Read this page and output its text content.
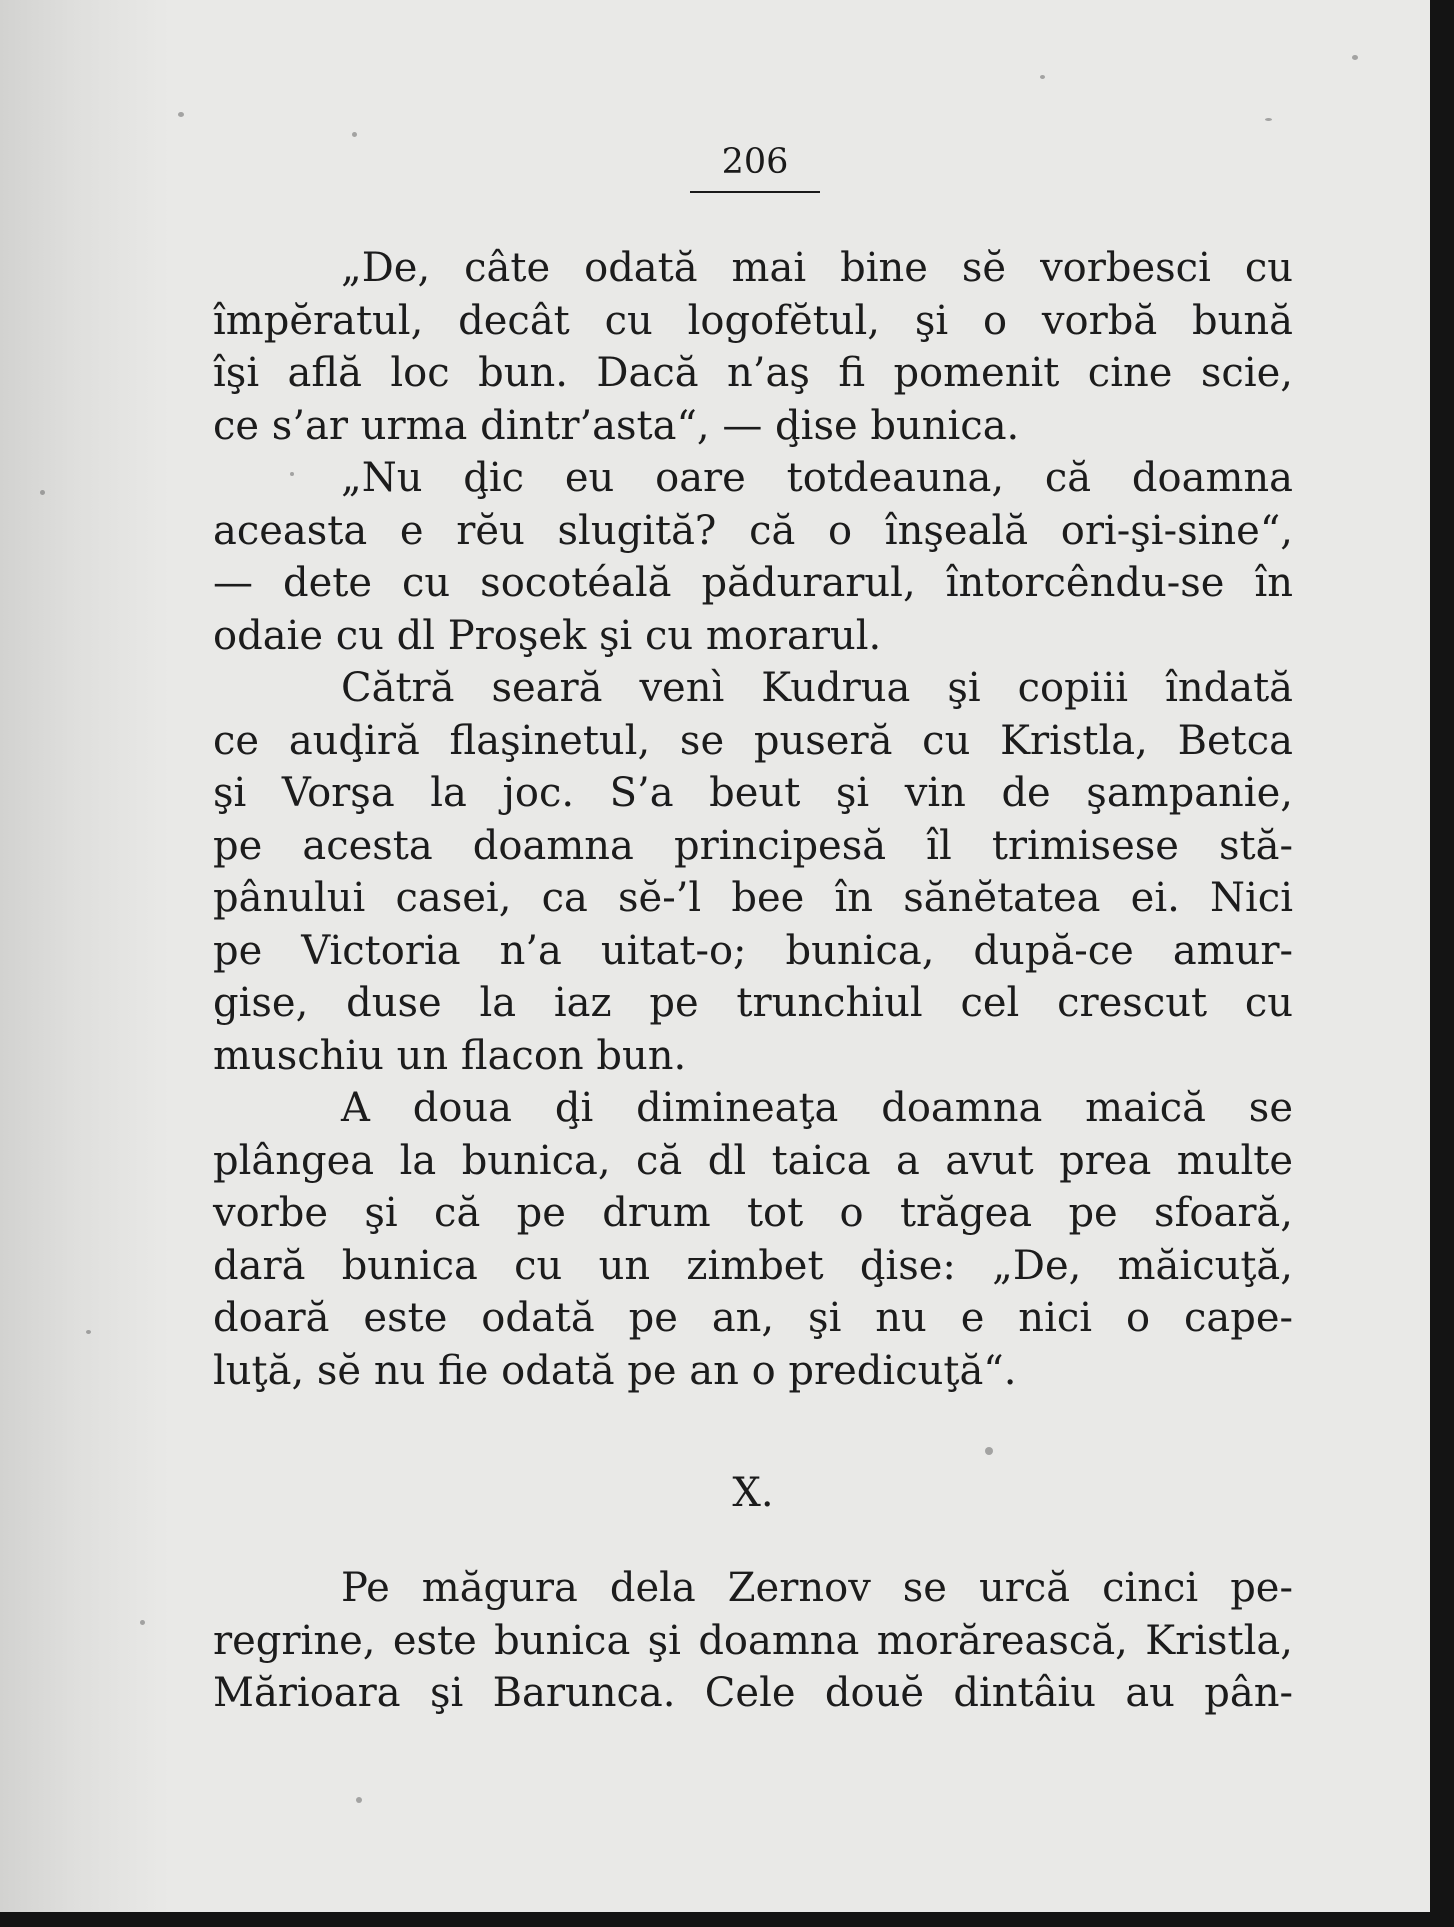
206

„De, câte odată mai bine sĕ vorbesci cu
împĕratul, decât cu logofĕtul, şi o vorbă bună
îşi află loc bun. Dacă n’aş fi pomenit cine scie,
ce s’ar urma dintr’asta“, — ḑise bunica.

„Nu ḑic eu oare totdeauna, că doamna
aceasta e rĕu slugită? că o înşeală ori-şi-sine“,
— dete cu socotéală pădurarul, întorcêndu-se în
odaie cu dl Proşek şi cu morarul.

Cătră seară venì Kudrua şi copiii îndată
ce auḑiră flaşinetul, se puseră cu Kristla, Betca
şi Vorşa la joc. S’a beut şi vin de şampanie,
pe acesta doamna principesă îl trimisese stă-
pânului casei, ca sĕ-’l bee în sănĕtatea ei. Nici
pe Victoria n’a uitat-o; bunica, după-ce amur-
gise, duse la iaz pe trunchiul cel crescut cu
muschiu un flacon bun.

A doua ḑi dimineaţa doamna maică se
plângea la bunica, că dl taica a avut prea multe
vorbe şi că pe drum tot o trăgea pe sfoară,
dară bunica cu un zimbet ḑise: „De, măicuţă,
doară este odată pe an, şi nu e nici o cape-
luţă, sĕ nu fie odată pe an o predicuţă“.

X.
Pe măgura dela Zernov se urcă cinci pe-
regrine, este bunica şi doamna morărească, Kristla,
Mărioara şi Barunca. Cele douĕ dintâiu au pân-
